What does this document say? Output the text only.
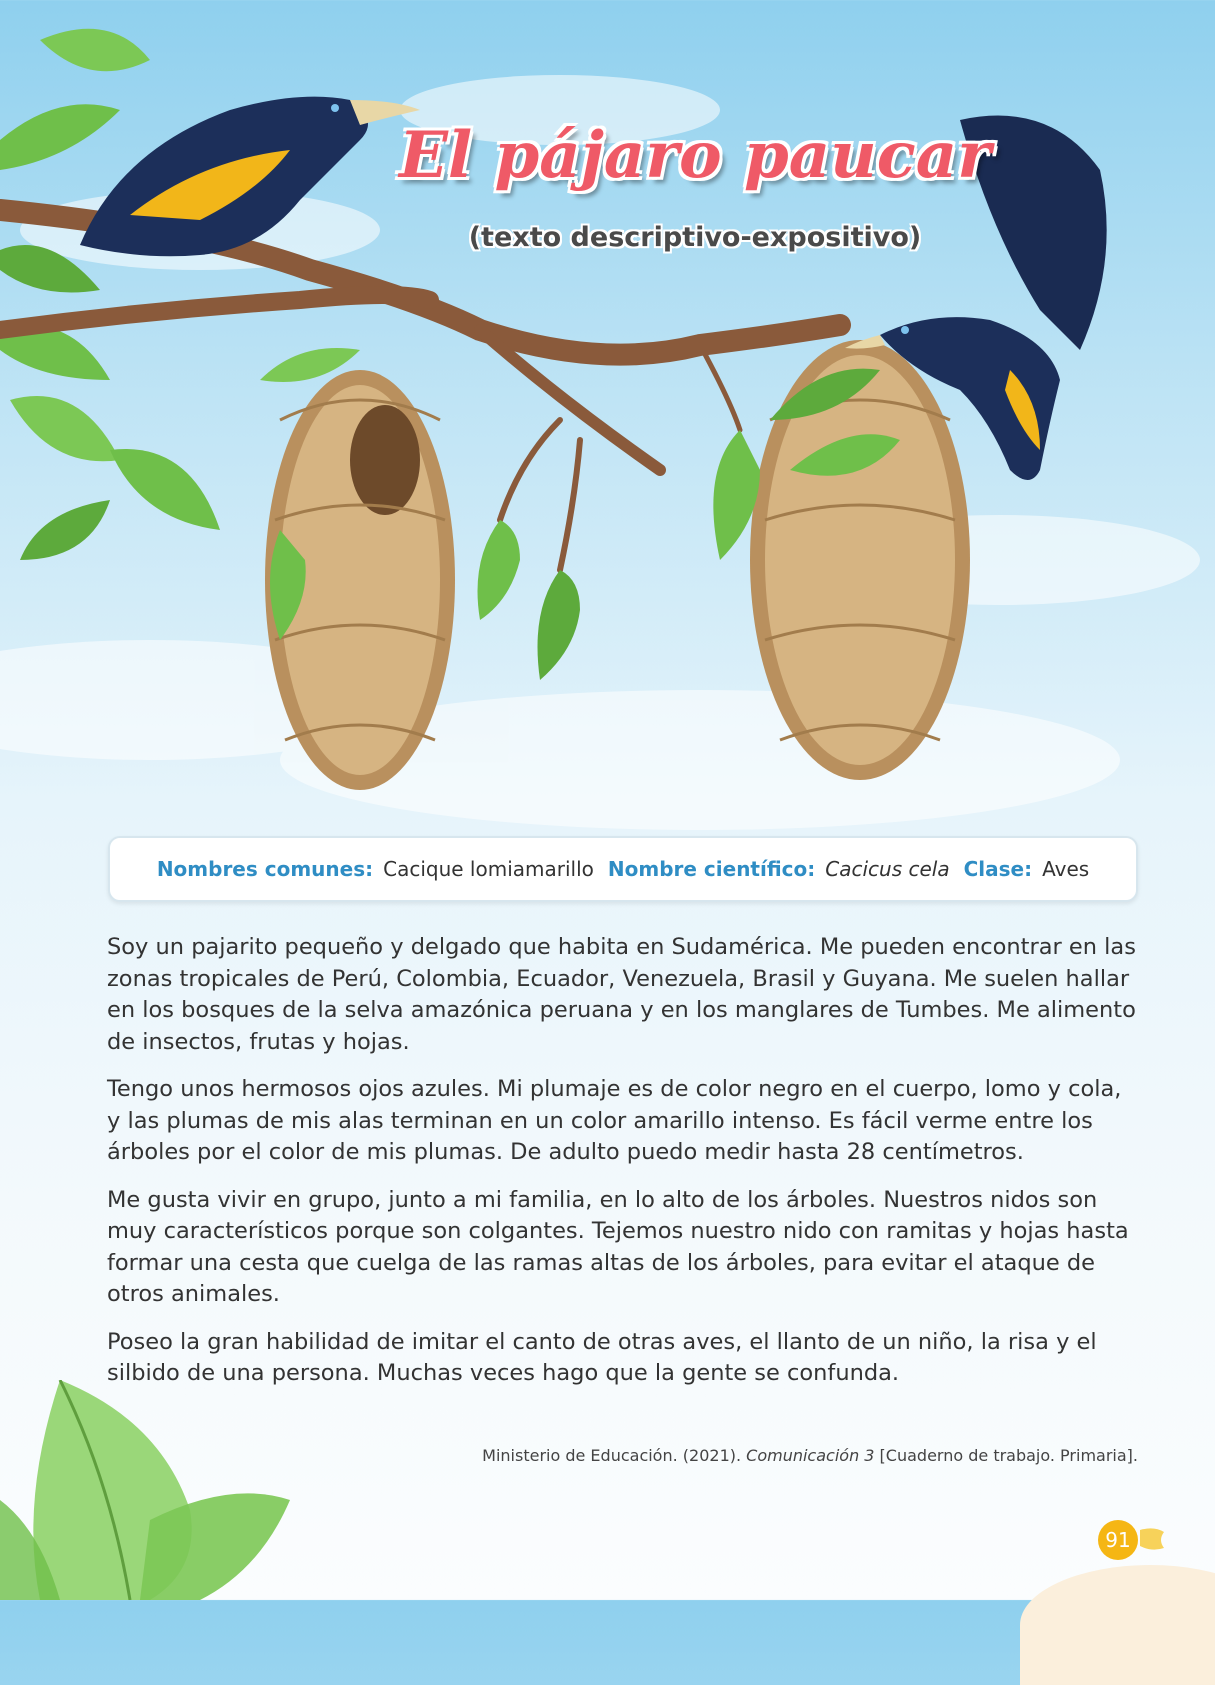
El pájaro paucar
(texto descriptivo-expositivo)
Nombres comunes: Cacique lomiamarillo Nombre científico: Cacicus cela Clase: Aves

Soy un pajarito pequeño y delgado que habita en Sudamérica. Me pueden encontrar en las zonas tropicales de Perú, Colombia, Ecuador, Venezuela, Brasil y Guyana. Me suelen hallar en los bosques de la selva amazónica peruana y en los manglares de Tumbes. Me alimento de insectos, frutas y hojas.

Tengo unos hermosos ojos azules. Mi plumaje es de color negro en el cuerpo, lomo y cola, y las plumas de mis alas terminan en un color amarillo intenso. Es fácil verme entre los árboles por el color de mis plumas. De adulto puedo medir hasta 28 centímetros.

Me gusta vivir en grupo, junto a mi familia, en lo alto de los árboles. Nuestros nidos son muy característicos porque son colgantes. Tejemos nuestro nido con ramitas y hojas hasta formar una cesta que cuelga de las ramas altas de los árboles, para evitar el ataque de otros animales.

Poseo la gran habilidad de imitar el canto de otras aves, el llanto de un niño, la risa y el silbido de una persona. Muchas veces hago que la gente se confunda.

Ministerio de Educación. (2021). Comunicación 3 [Cuaderno de trabajo. Primaria].
91
